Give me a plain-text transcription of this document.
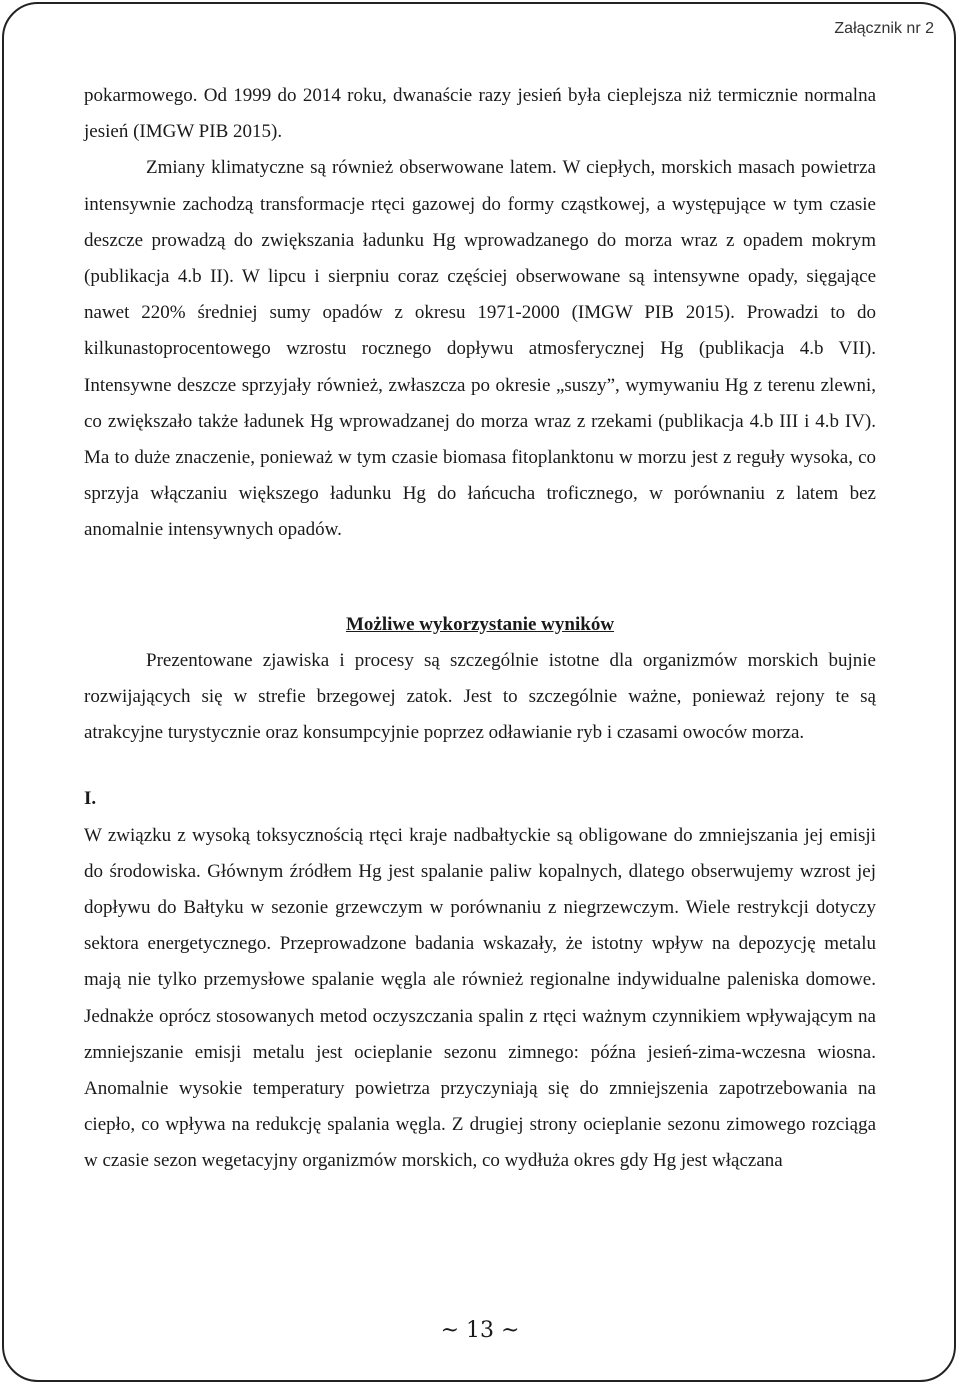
Załącznik nr 2

pokarmowego. Od 1999 do 2014 roku, dwanaście razy jesień była cieplejsza niż termicznie normalna jesień (IMGW PIB 2015).

Zmiany klimatyczne są również obserwowane latem. W ciepłych, morskich masach powietrza intensywnie zachodzą transformacje rtęci gazowej do formy cząstkowej, a występujące w tym czasie deszcze prowadzą do zwiększania ładunku Hg wprowadzanego do morza wraz z opadem mokrym (publikacja 4.b II). W lipcu i sierpniu coraz częściej obserwowane są intensywne opady, sięgające nawet 220% średniej sumy opadów z okresu 1971-2000 (IMGW PIB 2015). Prowadzi to do kilkunastoprocentowego wzrostu rocznego dopływu atmosferycznej Hg (publikacja 4.b VII). Intensywne deszcze sprzyjały również, zwłaszcza po okresie „suszy”, wymywaniu Hg z terenu zlewni, co zwiększało także ładunek Hg wprowadzanej do morza wraz z rzekami (publikacja 4.b III i 4.b IV). Ma to duże znaczenie, ponieważ w tym czasie biomasa fitoplanktonu w morzu jest z reguły wysoka, co sprzyja włączaniu większego ładunku Hg do łańcucha troficznego, w porównaniu z latem bez anomalnie intensywnych opadów.

Możliwe wykorzystanie wyników

Prezentowane zjawiska i procesy są szczególnie istotne dla organizmów morskich bujnie rozwijających się w strefie brzegowej zatok. Jest to szczególnie ważne, ponieważ rejony te są atrakcyjne turystycznie oraz konsumpcyjnie poprzez odławianie ryb i czasami owoców morza.

I.

W związku z wysoką toksycznością rtęci kraje nadbałtyckie są obligowane do zmniejszania jej emisji do środowiska. Głównym źródłem Hg jest spalanie paliw kopalnych, dlatego obserwujemy wzrost jej dopływu do Bałtyku w sezonie grzewczym w porównaniu z niegrzewczym. Wiele restrykcji dotyczy sektora energetycznego. Przeprowadzone badania wskazały, że istotny wpływ na depozycję metalu mają nie tylko przemysłowe spalanie węgla ale również regionalne indywidualne paleniska domowe. Jednakże oprócz stosowanych metod oczyszczania spalin z rtęci ważnym czynnikiem wpływającym na zmniejszanie emisji metalu jest ocieplanie sezonu zimnego: późna jesień-zima-wczesna wiosna. Anomalnie wysokie temperatury powietrza przyczyniają się do zmniejszenia zapotrzebowania na ciepło, co wpływa na redukcję spalania węgla. Z drugiej strony ocieplanie sezonu zimowego rozciąga w czasie sezon wegetacyjny organizmów morskich, co wydłuża okres gdy Hg jest włączana

~ 13 ~
